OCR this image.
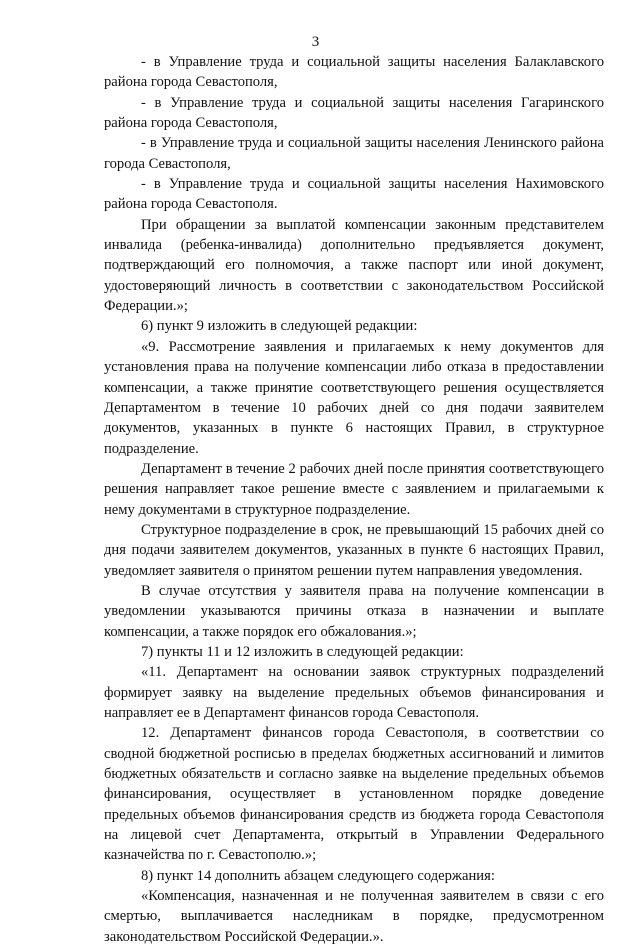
3

- в Управление труда и социальной защиты населения Балаклавского района города Севастополя,

- в Управление труда и социальной защиты населения Гагаринского района города Севастополя,

- в Управление труда и социальной защиты населения Ленинского района города Севастополя,

- в Управление труда и социальной защиты населения Нахимовского района города Севастополя.

При обращении за выплатой компенсации законным представителем инвалида (ребенка-инвалида) дополнительно предъявляется документ, подтверждающий его полномочия, а также паспорт или иной документ, удостоверяющий личность в соответствии с законодательством Российской Федерации.»;

6) пункт 9 изложить в следующей редакции:

«9. Рассмотрение заявления и прилагаемых к нему документов для установления права на получение компенсации либо отказа в предоставлении компенсации, а также принятие соответствующего решения осуществляется Департаментом в течение 10 рабочих дней со дня подачи заявителем документов, указанных в пункте 6 настоящих Правил, в структурное подразделение.

Департамент в течение 2 рабочих дней после принятия соответствующего решения направляет такое решение вместе с заявлением и прилагаемыми к нему документами в структурное подразделение.

Структурное подразделение в срок, не превышающий 15 рабочих дней со дня подачи заявителем документов, указанных в пункте 6 настоящих Правил, уведомляет заявителя о принятом решении путем направления уведомления.

В случае отсутствия у заявителя права на получение компенсации в уведомлении указываются причины отказа в назначении и выплате компенсации, а также порядок его обжалования.»;

7) пункты 11 и 12 изложить в следующей редакции:

«11. Департамент на основании заявок структурных подразделений формирует заявку на выделение предельных объемов финансирования и направляет ее в Департамент финансов города Севастополя.

12. Департамент финансов города Севастополя, в соответствии со сводной бюджетной росписью в пределах бюджетных ассигнований и лимитов бюджетных обязательств и согласно заявке на выделение предельных объемов финансирования, осуществляет в установленном порядке доведение предельных объемов финансирования средств из бюджета города Севастополя на лицевой счет Департамента, открытый в Управлении Федерального казначейства по г. Севастополю.»;

8) пункт 14 дополнить абзацем следующего содержания:

«Компенсация, назначенная и не полученная заявителем в связи с его смертью, выплачивается наследникам в порядке, предусмотренном законодательством Российской Федерации.».
